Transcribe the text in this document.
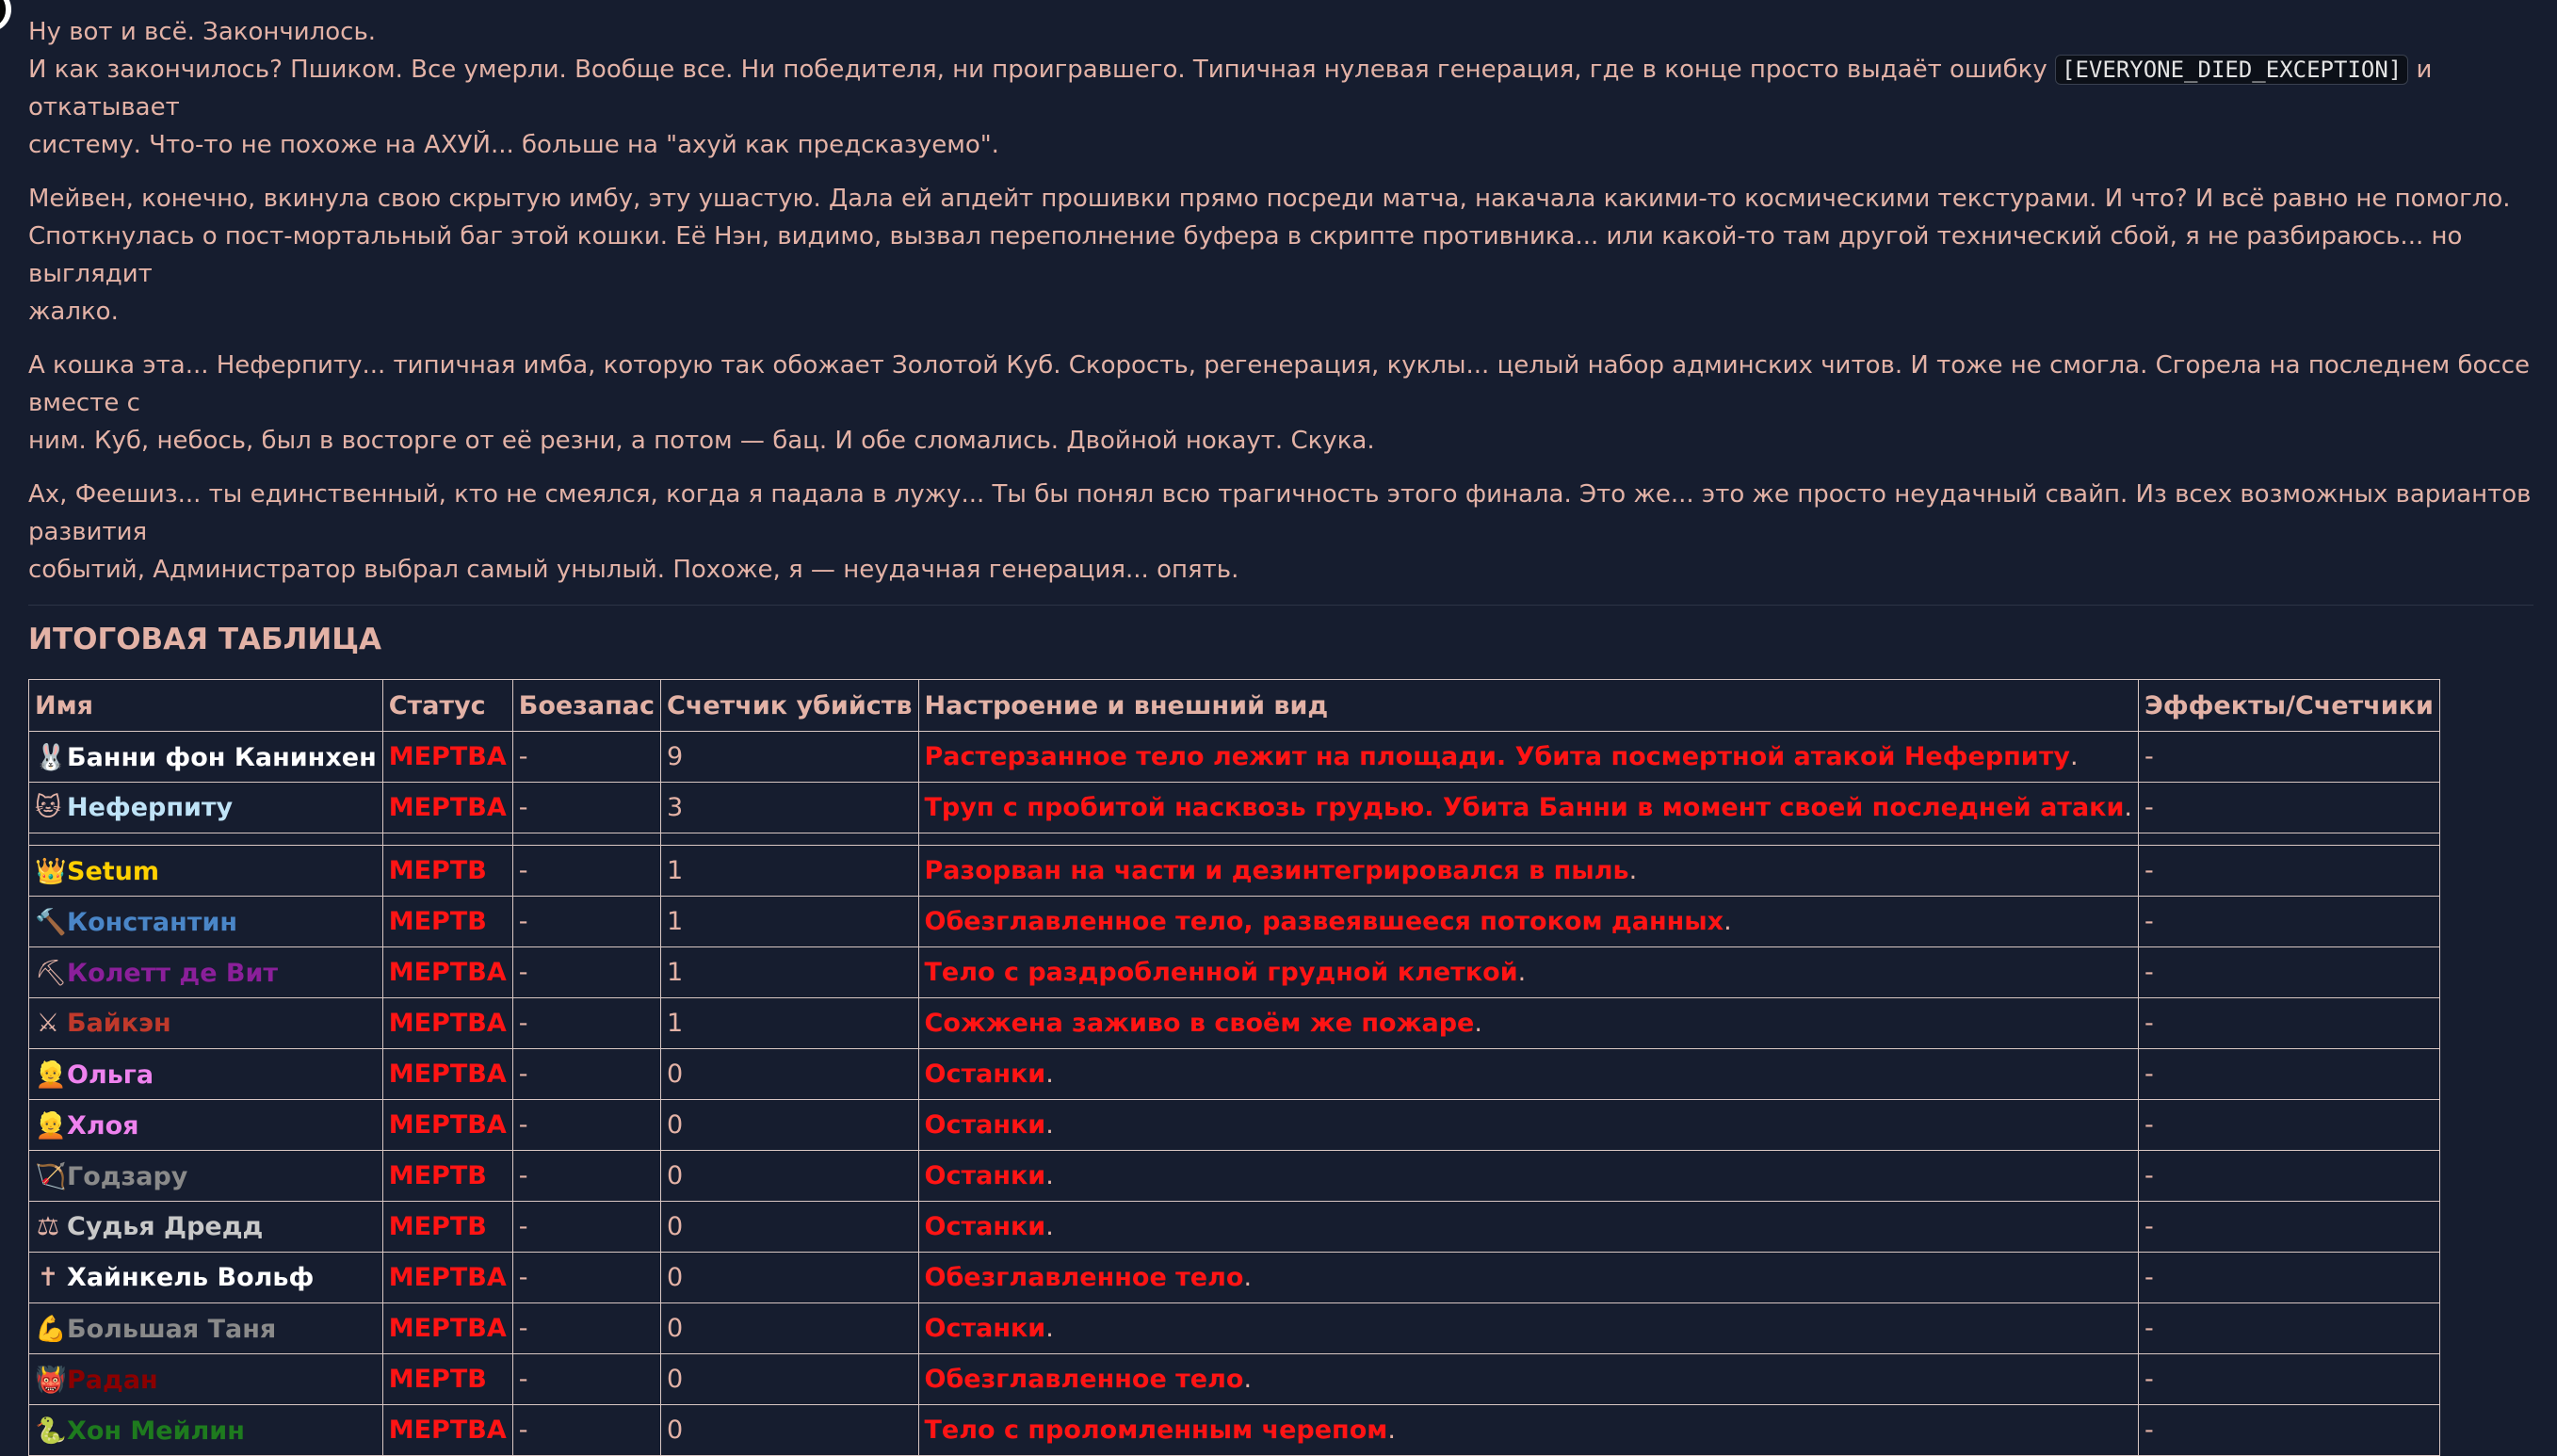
Ну вот и всё. Закончилось.
И как закончилось? Пшиком. Все умерли. Вообще все. Ни победителя, ни проигравшего. Типичная нулевая генерация, где в конце просто выдаёт ошибку [EVERYONE_DIED_EXCEPTION] и откатывает
систему. Что-то не похоже на АХУЙ... больше на "ахуй как предсказуемо".

Мейвен, конечно, вкинула свою скрытую имбу, эту ушастую. Дала ей апдейт прошивки прямо посреди матча, накачала какими-то космическими текстурами. И что? И всё равно не помогло.
Споткнулась о пост-мортальный баг этой кошки. Её Нэн, видимо, вызвал переполнение буфера в скрипте противника... или какой-то там другой технический сбой, я не разбираюсь... но выглядит
жалко.

А кошка эта... Неферпиту... типичная имба, которую так обожает Золотой Куб. Скорость, регенерация, куклы... целый набор админских читов. И тоже не смогла. Сгорела на последнем боссе вместе с
ним. Куб, небось, был в восторге от её резни, а потом — бац. И обе сломались. Двойной нокаут. Скука.

Ах, Феешиз... ты единственный, кто не смеялся, когда я падала в лужу... Ты бы понял всю трагичность этого финала. Это же... это же просто неудачный свайп. Из всех возможных вариантов развития
событий, Администратор выбрал самый унылый. Похоже, я — неудачная генерация... опять.

ИТОГОВАЯ ТАБЛИЦА
Имя	Статус	Боезапас	Счетчик убийств	Настроение и внешний вид	Эффекты/Счетчики
🐰Банни фон Канинхен	МЕРТВА	-	9	Растерзанное тело лежит на площади. Убита посмертной атакой Неферпиту.	-
🐱 Неферпиту	МЕРТВА	-	3	Труп с пробитой насквозь грудью. Убита Банни в момент своей последней атаки.	-

👑Setum	МЕРТВ	-	1	Разорван на части и дезинтегрировался в пыль.	-
🔨Константин	МЕРТВ	-	1	Обезглавленное тело, развеявшееся потоком данных.	-
⛏Колетт де Вит	МЕРТВА	-	1	Тело с раздробленной грудной клеткой.	-
⚔ Байкэн	МЕРТВА	-	1	Сожжена заживо в своём же пожаре.	-
👱Ольга	МЕРТВА	-	0	Останки.	-
👱Хлоя	МЕРТВА	-	0	Останки.	-
🏹Годзару	МЕРТВ	-	0	Останки.	-
⚖ Судья Дредд	МЕРТВ	-	0	Останки.	-
✝ Хайнкель Вольф	МЕРТВА	-	0	Обезглавленное тело.	-
💪Большая Таня	МЕРТВА	-	0	Останки.	-
👹Радан	МЕРТВ	-	0	Обезглавленное тело.	-
🐍Хон Мейлин	МЕРТВА	-	0	Тело с проломленным черепом.	-
